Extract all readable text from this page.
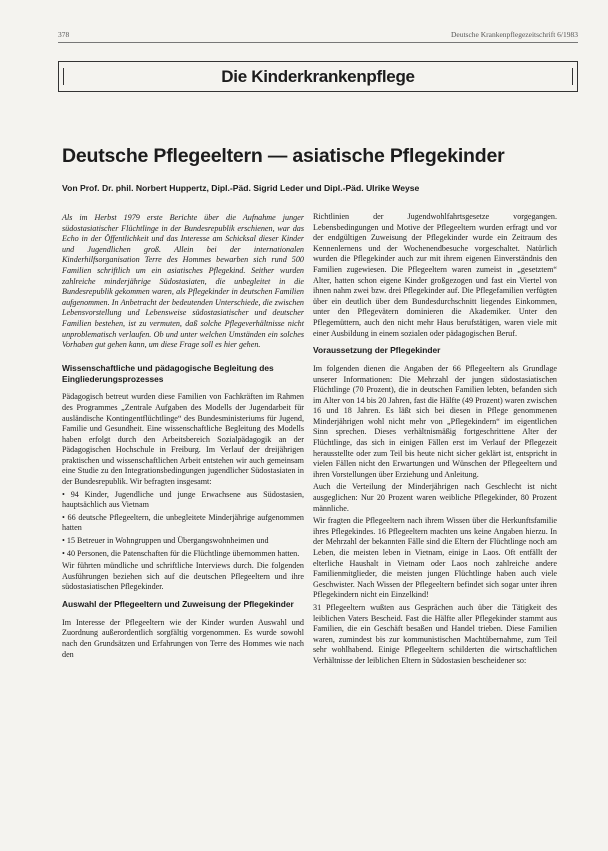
378	Deutsche Krankenpflegezeitschrift 6/1983
Die Kinderkrankenpflege
Deutsche Pflegeeltern — asiatische Pflegekinder
Von Prof. Dr. phil. Norbert Huppertz, Dipl.-Päd. Sigrid Leder und Dipl.-Päd. Ulrike Weyse

Als im Herbst 1979 erste Berichte über die Aufnahme junger südostasiatischer Flüchtlinge in der Bundesrepublik erschienen, war das Echo in der Öffentlichkeit und das Interesse am Schicksal dieser Kinder und Jugendlichen groß. Allein bei der internationalen Kinderhilfsorganisation Terre des Hommes bewarben sich rund 500 Familien schriftlich um ein asiatisches Pflegekind. Seither wurden zahlreiche minderjährige Südostasiaten, die unbegleitet in die Bundesrepublik gekommen waren, als Pflegekinder in deutschen Familien aufgenommen. In Anbetracht der bedeutenden Unterschiede, die zwischen Lebensvorstellung und Lebensweise südostasiatischer und deutscher Familien bestehen, ist zu vermuten, daß solche Pflegeverhältnisse nicht unproblematisch verlaufen. Ob und unter welchen Umständen ein solches Vorhaben gut gehen kann, um diese Frage soll es hier gehen.

Wissenschaftliche und pädagogische Begleitung des Eingliederungsprozesses

Pädagogisch betreut wurden diese Familien von Fachkräften im Rahmen des Programmes „Zentrale Aufgaben des Modells der Jugendarbeit für ausländische Kontingentflüchtlinge“ des Bundesministeriums für Jugend, Familie und Gesundheit. Eine wissenschaftliche Begleitung des Modells haben erfolgt durch den Arbeitsbereich Sozialpädagogik an der Pädagogischen Hochschule in Freiburg. Im Verlauf der dreijährigen praktischen und wissenschaftlichen Arbeit entstehen wir auch gemeinsam eine Studie zu den Integrationsbedingungen jugendlicher Südostasiaten in der Bundesrepublik. Wir befragten insgesamt:

• 94 Kinder, Jugendliche und junge Erwachsene aus Südostasien, hauptsächlich aus Vietnam

• 66 deutsche Pflegeeltern, die unbegleitete Minderjährige aufgenommen hatten

• 15 Betreuer in Wohngruppen und Übergangswohnheimen und

• 40 Personen, die Patenschaften für die Flüchtlinge übernommen hatten.

Wir führten mündliche und schriftliche Interviews durch. Die folgenden Ausführungen beziehen sich auf die deutschen Pflegeeltern und ihre südostasiatischen Pflegekinder.

Auswahl der Pflegeeltern und Zuweisung der Pflegekinder

Im Interesse der Pflegeeltern wie der Kinder wurden Auswahl und Zuordnung außerordentlich sorgfältig vorgenommen. Es wurde sowohl nach den Grundsätzen und Erfahrungen von Terre des Hommes wie nach den

Richtlinien der Jugendwohlfahrtsgesetze vorgegangen. Lebensbedingungen und Motive der Pflegeeltern wurden erfragt und vor der endgültigen Zuweisung der Pflegekinder wurde ein Zeitraum des Kennenlernens und der Wochenendbesuche vorgeschaltet. Natürlich wurden die Pflegekinder auch zur mit ihrem eigenen Einverständnis den Familien zugewiesen. Die Pflegeeltern waren zumeist in „gesetztem“ Alter, hatten schon eigene Kinder großgezogen und fast ein Viertel von ihnen nahm zwei bzw. drei Pflegekinder auf. Die Pflegefamilien verfügten über ein deutlich über dem Bundesdurchschnitt liegendes Einkommen, unter den Pflegevätern dominieren die Akademiker. Unter den Pflegemüttern, auch den nicht mehr Haus berufstätigen, waren viele mit einer Ausbildung in einem sozialen oder pädagogischen Beruf.

Voraussetzung der Pflegekinder

Im folgenden dienen die Angaben der 66 Pflegeeltern als Grundlage unserer Informationen: Die Mehrzahl der jungen südostasiatischen Flüchtlinge (70 Prozent), die in deutschen Familien lebten, befanden sich im Alter von 14 bis 20 Jahren, fast die Hälfte (49 Prozent) waren zwischen 16 und 18 Jahren. Es läßt sich bei diesen in Pflege genommenen Minderjährigen wohl nicht mehr von „Pflegekindern“ im eigentlichen Sinn sprechen. Dieses verhältnismäßig fortgeschrittene Alter der Flüchtlinge, das sich in einigen Fällen erst im Verlauf der Pflegezeit herausstellte oder zum Teil bis heute nicht sicher geklärt ist, entspricht in vielen Fällen nicht den Erwartungen und Wünschen der Pflegeeltern und ihren Vorstellungen über Erziehung und Anleitung.

Auch die Verteilung der Minderjährigen nach Geschlecht ist nicht ausgeglichen: Nur 20 Prozent waren weibliche Pflegekinder, 80 Prozent männliche.

Wir fragten die Pflegeeltern nach ihrem Wissen über die Herkunftsfamilie ihres Pflegekindes. 16 Pflegeeltern machten uns keine Angaben hierzu. In der Mehrzahl der bekannten Fälle sind die Eltern der Flüchtlinge noch am Leben, die meisten leben in Vietnam, einige in Laos. Oft entfällt der elterliche Haushalt in Vietnam oder Laos noch zahlreiche andere Familienmitglieder, die meisten jungen Flüchtlinge haben auch viele Geschwister. Nach Wissen der Pflegeeltern befindet sich sogar unter ihren Pflegekindern nicht ein Einzelkind!

31 Pflegeeltern wußten aus Gesprächen auch über die Tätigkeit des leiblichen Vaters Bescheid. Fast die Hälfte aller Pflegekinder stammt aus Familien, die ein Geschäft besaßen und Handel trieben. Diese Familien waren, zumindest bis zur kommunistischen Machtübernahme, zum Teil sehr wohlhabend. Einige Pflegeeltern schilderten die wirtschaftlichen Verhältnisse der leiblichen Eltern in Südostasien bescheidener so:
